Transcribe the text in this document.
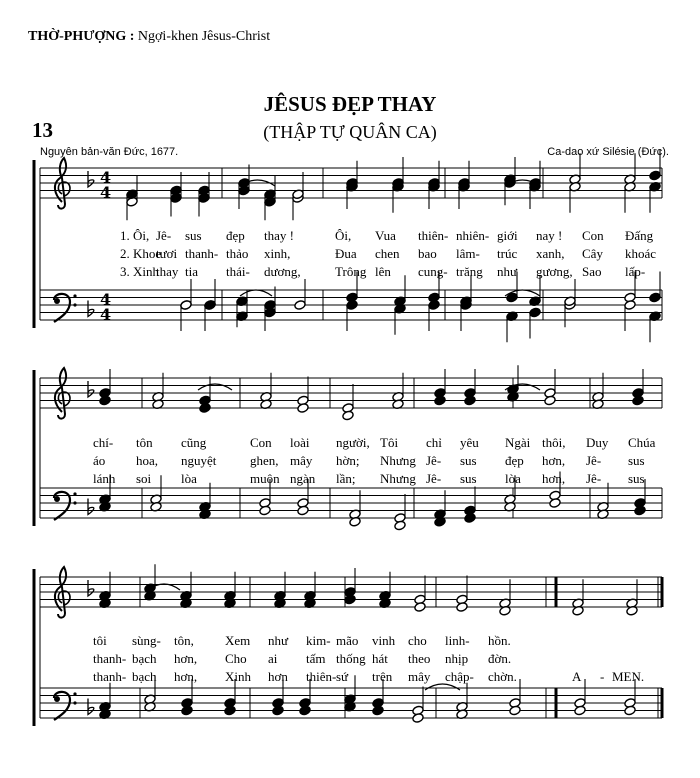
THỜ-PHƯỢNG : Ngợi-khen Jêsus-Christ
JÊSUS ĐẸP THAY
13	(THẬP TỰ QUÂN CA)
Nguyên bản-văn Đức, 1677.	Ca-dao xứ Silésie (Đức).
4
4
4
4
1. Ôi, Jê- sus đẹp thay !	Ôi, Vua thiên- nhiên- giới nay ! Con Đấng
2. Khoe
tươi thanh- thảo xinh,	Đua chen bao lâm- trúc xanh, Cây khoác
3. Xinh
thay tia thái- dương,	Trông lên cung- trăng như gương, Sao lấp-
chí- tôn cũng	Con loài người, Tôi chỉ yêu Ngài thôi, Duy Chúa
áo hoa, nguyệt	ghen, mây hờn; Nhưng Jê- sus đẹp hơn, Jê- sus
lánh soi lòa	muôn ngàn lần; Nhưng Jê- sus lòa hơn, Jê- sus
tôi sùng- tôn, Xem như kim- mão vinh cho linh- hồn.
thanh- bạch hơn, Cho ai tấm thống hát theo nhịp đờn.
thanh- bạch hơn, Xinh hơn thiên- sứ trên mây chập- chờn.	A - MEN.
